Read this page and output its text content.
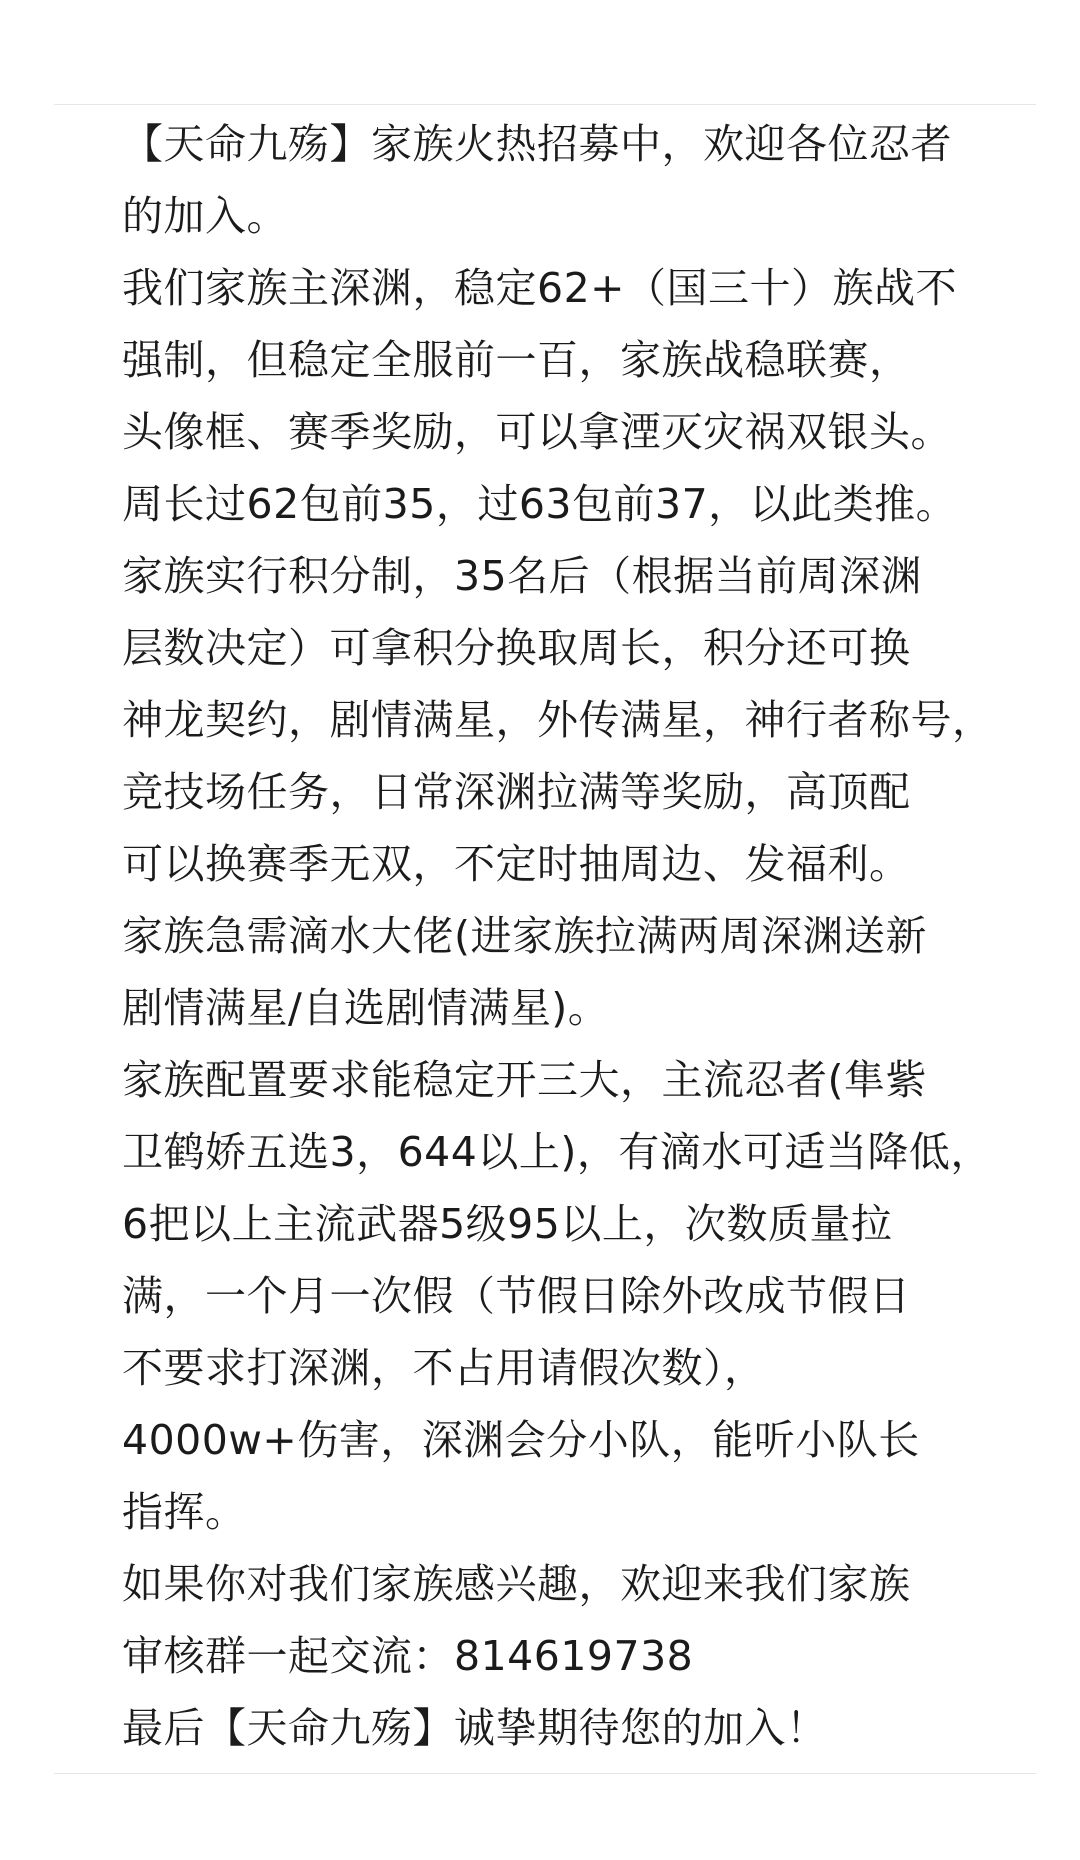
【天命九殇】家族火热招募中，欢迎各位忍者
的加入。
我们家族主深渊，稳定62+（国三十）族战不
强制，但稳定全服前一百，家族战稳联赛，
头像框、赛季奖励，可以拿湮灭灾祸双银头。
周长过62包前35，过63包前37，以此类推。
家族实行积分制，35名后（根据当前周深渊
层数决定）可拿积分换取周长，积分还可换
神龙契约，剧情满星，外传满星，神行者称号，
竞技场任务，日常深渊拉满等奖励，高顶配
可以换赛季无双，不定时抽周边、发福利。
家族急需滴水大佬(进家族拉满两周深渊送新
剧情满星/自选剧情满星)。
家族配置要求能稳定开三大，主流忍者(隼紫
卫鹤娇五选3，644以上)，有滴水可适当降低，
6把以上主流武器5级95以上，次数质量拉
满，一个月一次假（节假日除外改成节假日
不要求打深渊，不占用请假次数），
4000w+伤害，深渊会分小队，能听小队长
指挥。
如果你对我们家族感兴趣，欢迎来我们家族
审核群一起交流：814619738
最后【天命九殇】诚挚期待您的加入！
